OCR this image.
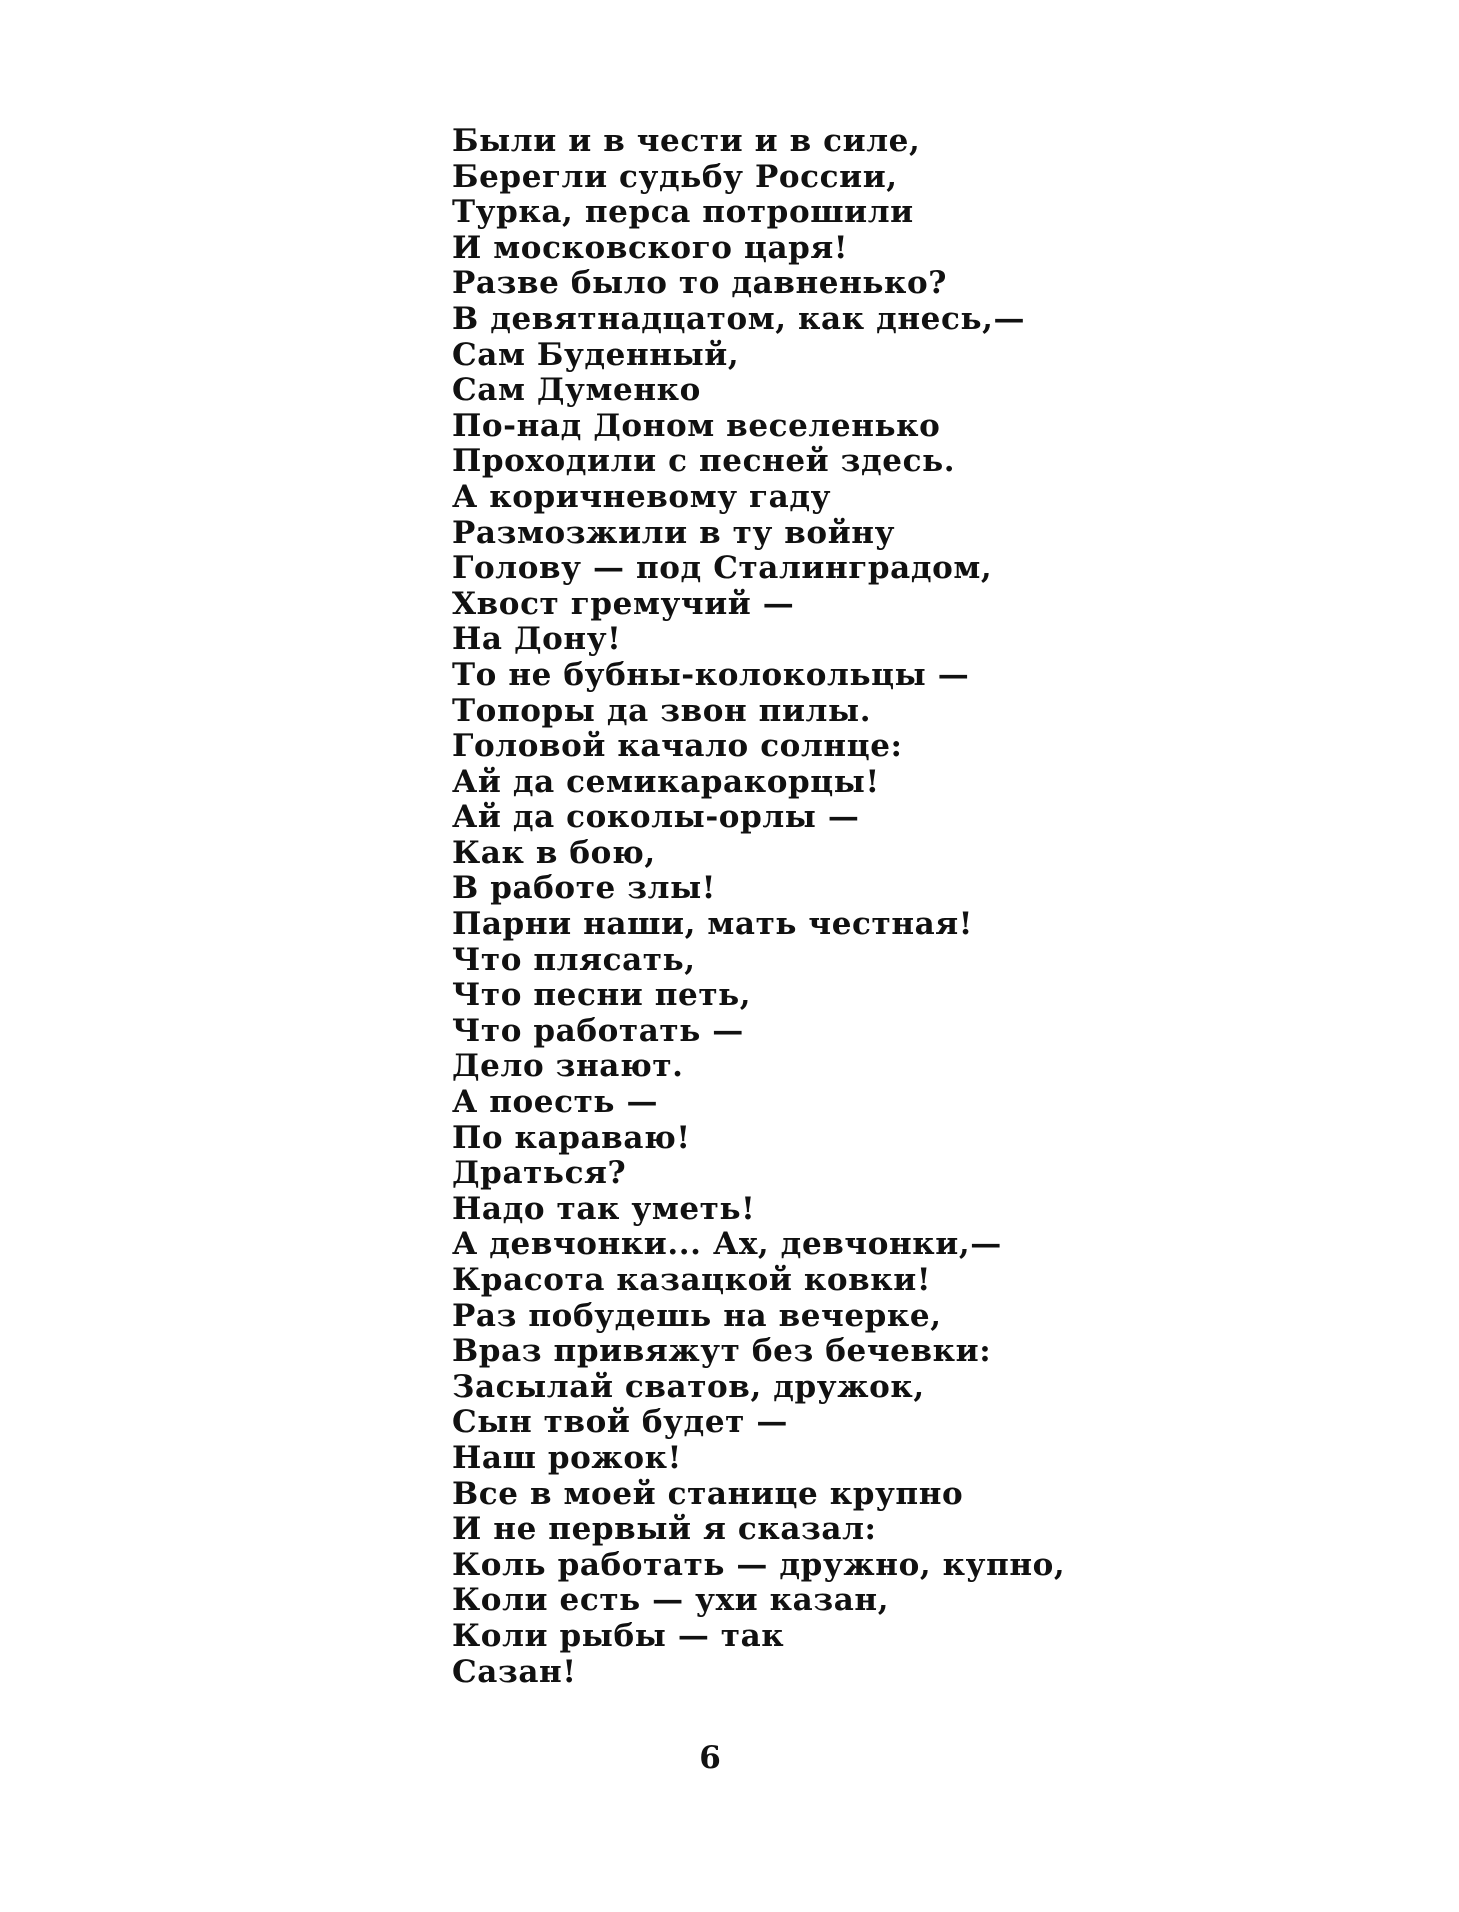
Были и в чести и в силе,
Берегли судьбу России,
Турка, перса потрошили
И московского царя!
Разве было то давненько?
В девятнадцатом, как днесь,—
Сам Буденный,
Сам Думенко
По-над Доном веселенько
Проходили с песней здесь.
А коричневому гаду
Размозжили в ту войну
Голову — под Сталинградом,
Хвост гремучий —
На Дону!
То не бубны-колокольцы —
Топоры да звон пилы.
Головой качало солнце:
Ай да семикаракорцы!
Ай да соколы-орлы —
Как в бою,
В работе злы!
Парни наши, мать честная!
Что плясать,
Что песни петь,
Что работать —
Дело знают.
А поесть —
По караваю!
Драться?
Надо так уметь!
А девчонки... Ах, девчонки,—
Красота казацкой ковки!
Раз побудешь на вечерке,
Враз привяжут без бечевки:
Засылай сватов, дружок,
Сын твой будет —
Наш рожок!
Все в моей станице крупно
И не первый я сказал:
Коль работать — дружно, купно,
Коли есть — ухи казан,
Коли рыбы — так
Сазан!
6
